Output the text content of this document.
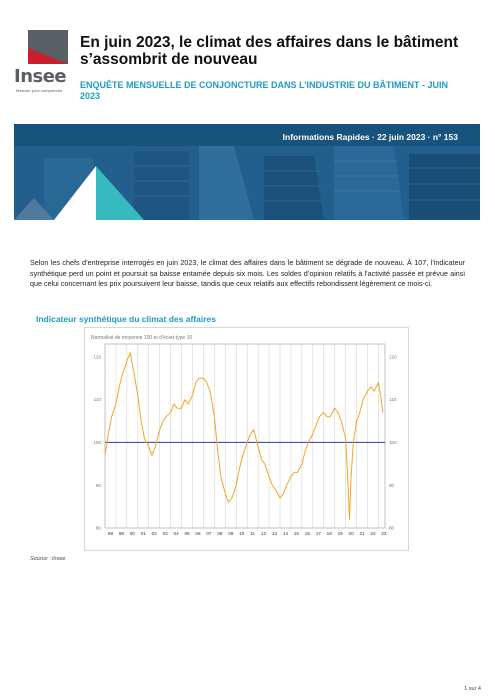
Insee
Mesurer pour comprendre
En juin 2023, le climat des affaires dans le bâtiment s’assombrit de nouveau
ENQUÊTE MENSUELLE DE CONJONCTURE DANS L’INDUSTRIE DU BÂTIMENT - JUIN 2023
Informations Rapides · 22 juin 2023 · n° 153
Selon les chefs d’entreprise interrogés en juin 2023, le climat des affaires dans le bâtiment se dégrade de nouveau. À 107, l’indicateur synthétique perd un point et poursuit sa baisse entamée depuis six mois. Les soldes d’opinion relatifs à l’activité passée et prévue ainsi que celui concernant les prix poursuivent leur baisse, tandis que ceux relatifs aux effectifs rebondissent légèrement ce mois-ci.
Indicateur synthétique du climat des affaires
Normalisé de moyenne 100 et d’écart-type 10
80
90
100
110
120
80
90
100
110
120
98 99 00 01 02 03 04 05 06 07 08 09 10 11 12 13 14 15 16 17 18 19 20 21 22 23
Source : Insee
1 sur 4
